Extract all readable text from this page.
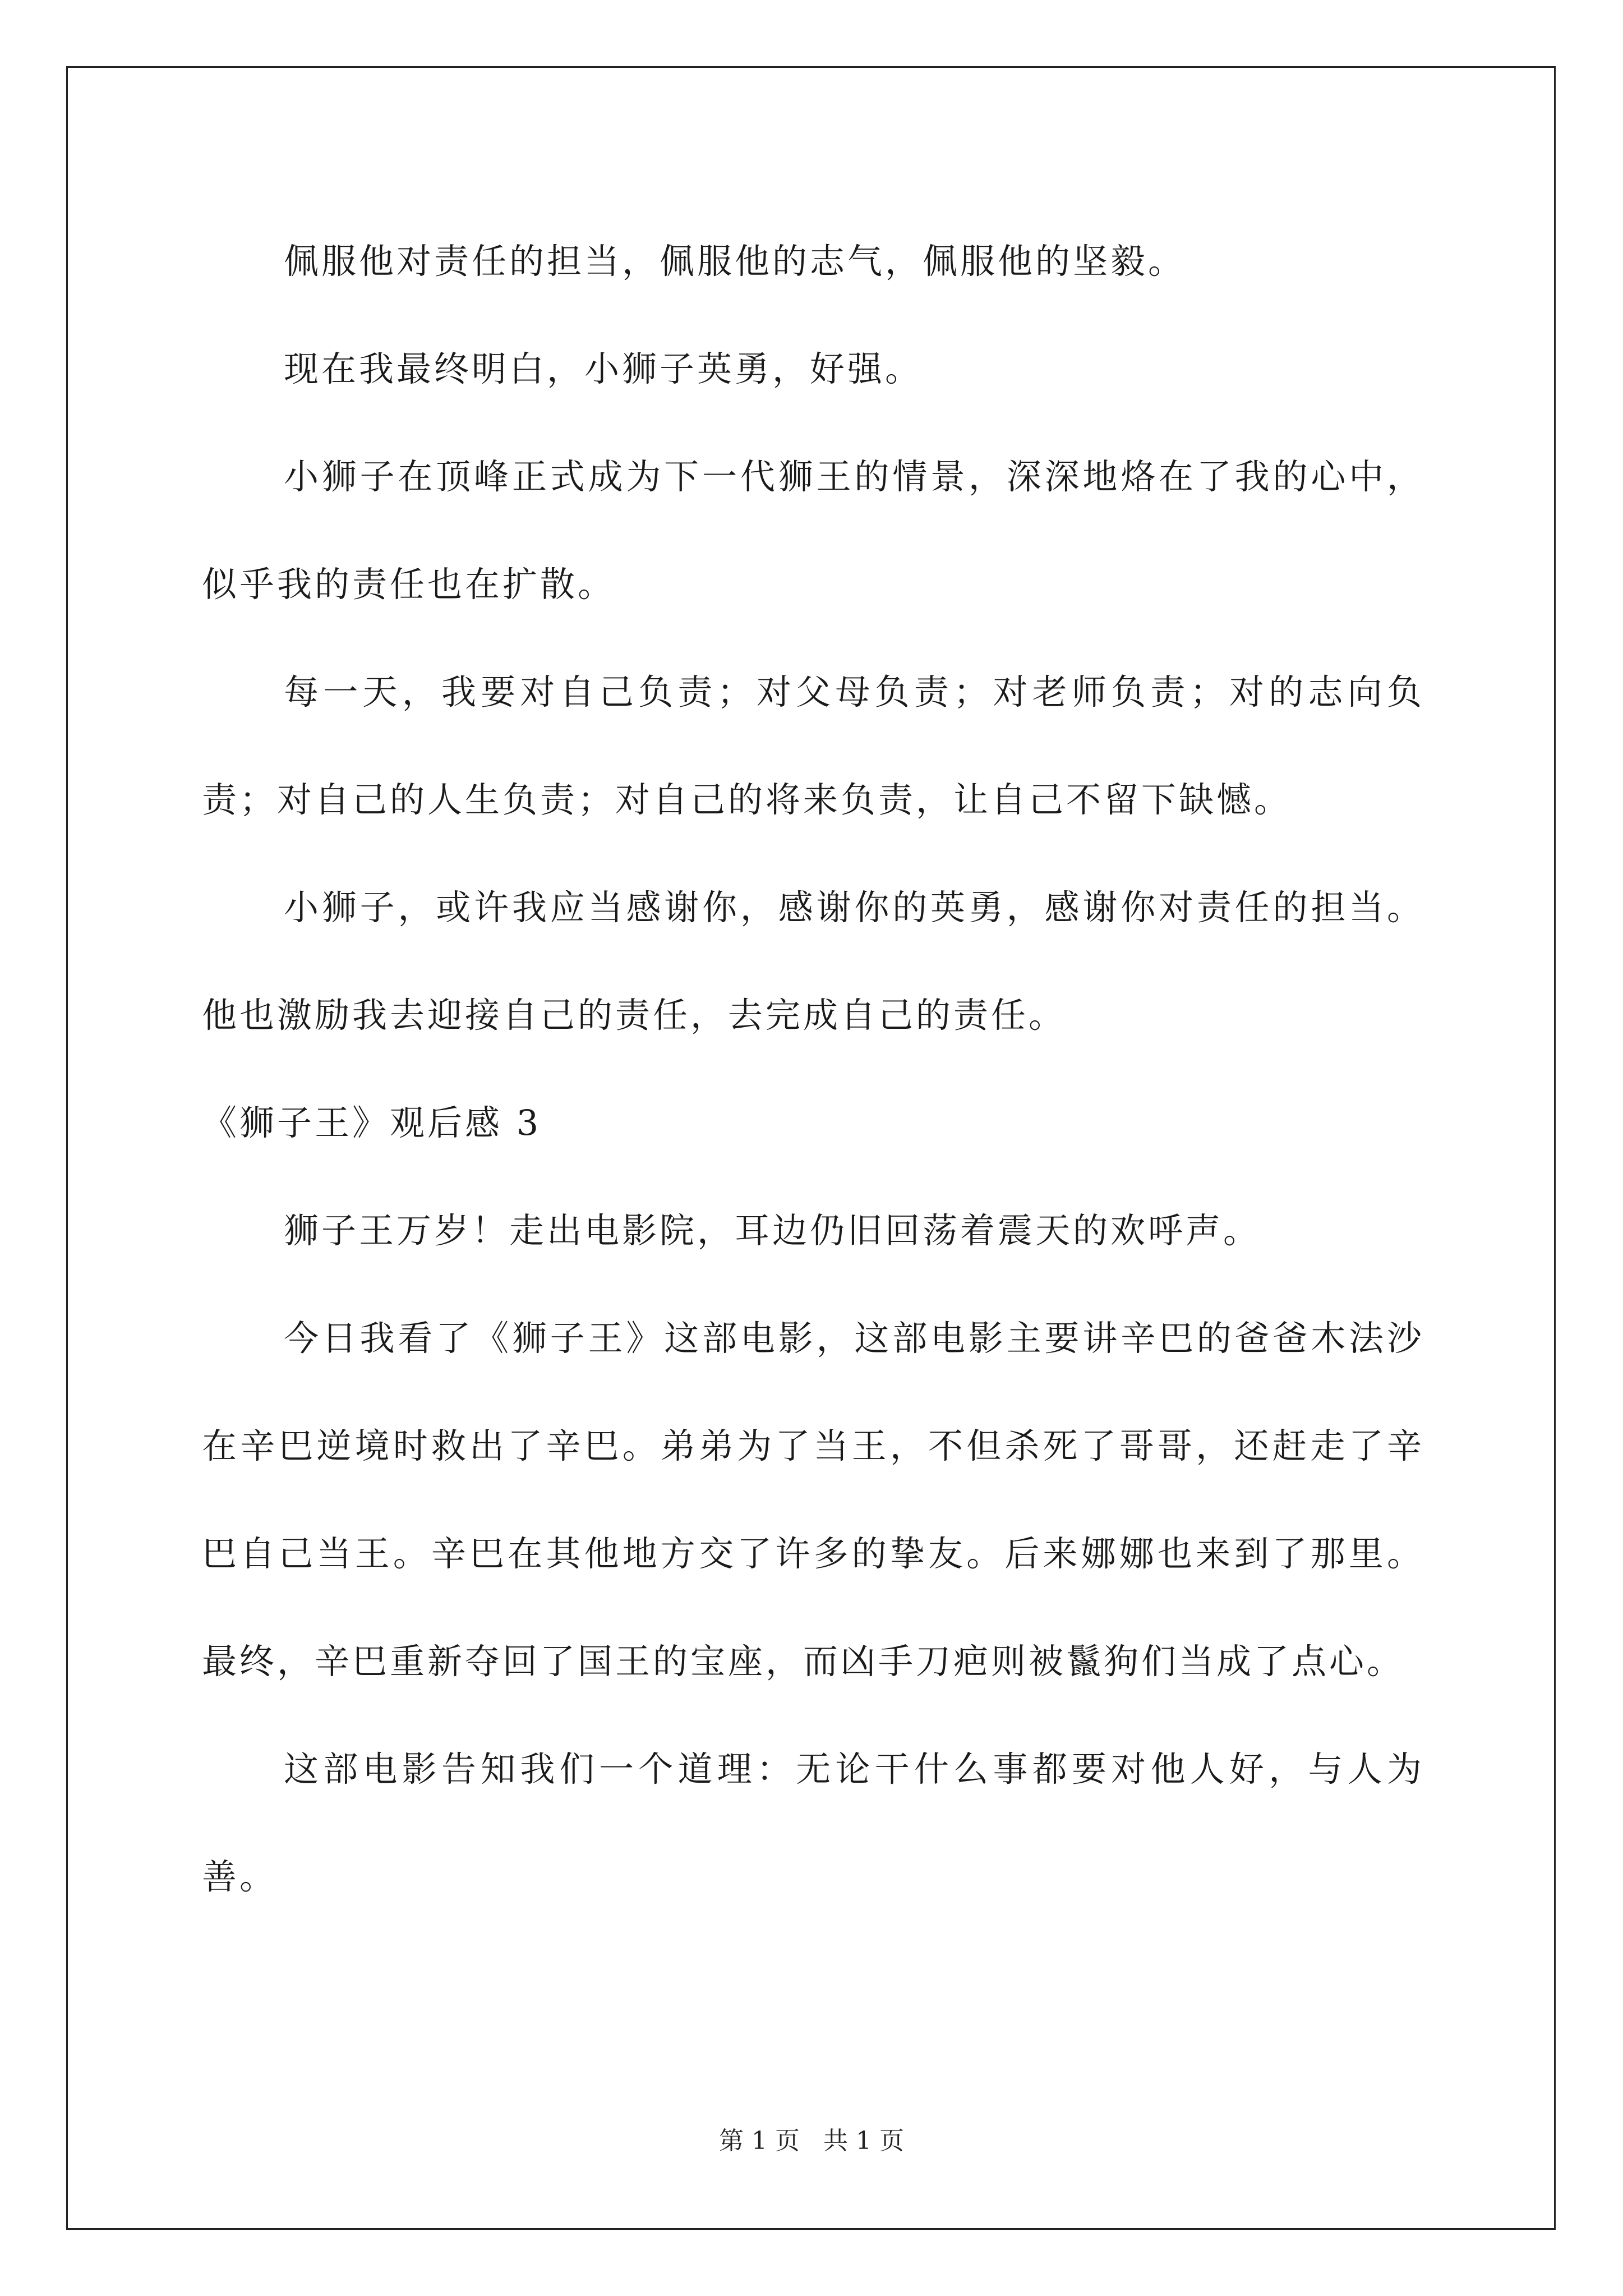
佩服他对责任的担当，佩服他的志气，佩服他的坚毅。

现在我最终明白，小狮子英勇，好强。

小狮子在顶峰正式成为下一代狮王的情景，深深地烙在了我的心中，似乎我的责任也在扩散。

每一天，我要对自己负责；对父母负责；对老师负责；对的志向负责；对自己的人生负责；对自己的将来负责，让自己不留下缺憾。

小狮子，或许我应当感谢你，感谢你的英勇，感谢你对责任的担当。他也激励我去迎接自己的责任，去完成自己的责任。

《狮子王》观后感 3

狮子王万岁！走出电影院，耳边仍旧回荡着震天的欢呼声。

今日我看了《狮子王》这部电影，这部电影主要讲辛巴的爸爸木法沙在辛巴逆境时救出了辛巴。弟弟为了当王，不但杀死了哥哥，还赶走了辛巴自己当王。辛巴在其他地方交了许多的挚友。后来娜娜也来到了那里。最终，辛巴重新夺回了国王的宝座，而凶手刀疤则被鬣狗们当成了点心。

这部电影告知我们一个道理：无论干什么事都要对他人好，与人为善。

第 1 页 共 1 页
